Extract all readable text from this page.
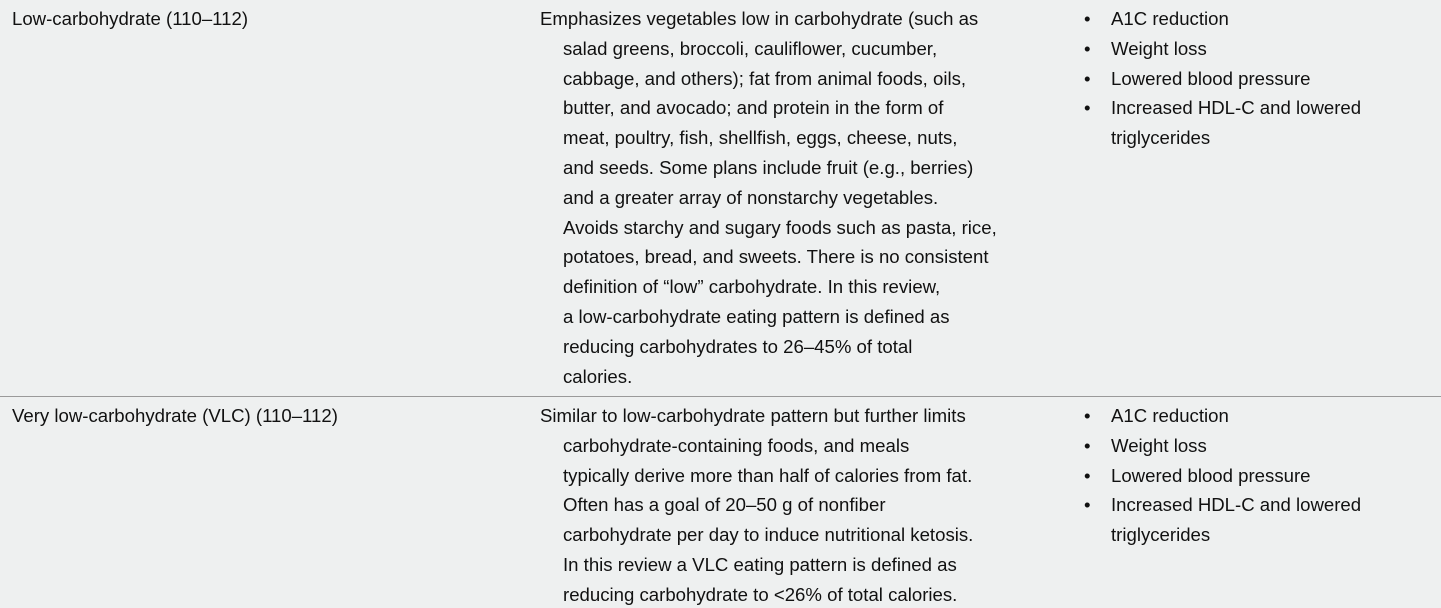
Low-carbohydrate (110–112)	Emphasizes vegetables low in carbohydrate (such as
salad greens, broccoli, cauliflower, cucumber,
cabbage, and others); fat from animal foods, oils,
butter, and avocado; and protein in the form of
meat, poultry, fish, shellfish, eggs, cheese, nuts,
and seeds. Some plans include fruit (e.g., berries)
and a greater array of nonstarchy vegetables.
Avoids starchy and sugary foods such as pasta, rice,
potatoes, bread, and sweets. There is no consistent
definition of “low” carbohydrate. In this review,
a low-carbohydrate eating pattern is defined as
reducing carbohydrates to 26–45% of total
calories.
• A1C reduction
• Weight loss
• Lowered blood pressure
• Increased HDL-C and lowered
triglycerides
Very low-carbohydrate (VLC) (110–112)	Similar to low-carbohydrate pattern but further limits
carbohydrate-containing foods, and meals
typically derive more than half of calories from fat.
Often has a goal of 20–50 g of nonfiber
carbohydrate per day to induce nutritional ketosis.
In this review a VLC eating pattern is defined as
reducing carbohydrate to <26% of total calories.
• A1C reduction
• Weight loss
• Lowered blood pressure
• Increased HDL-C and lowered
triglycerides
